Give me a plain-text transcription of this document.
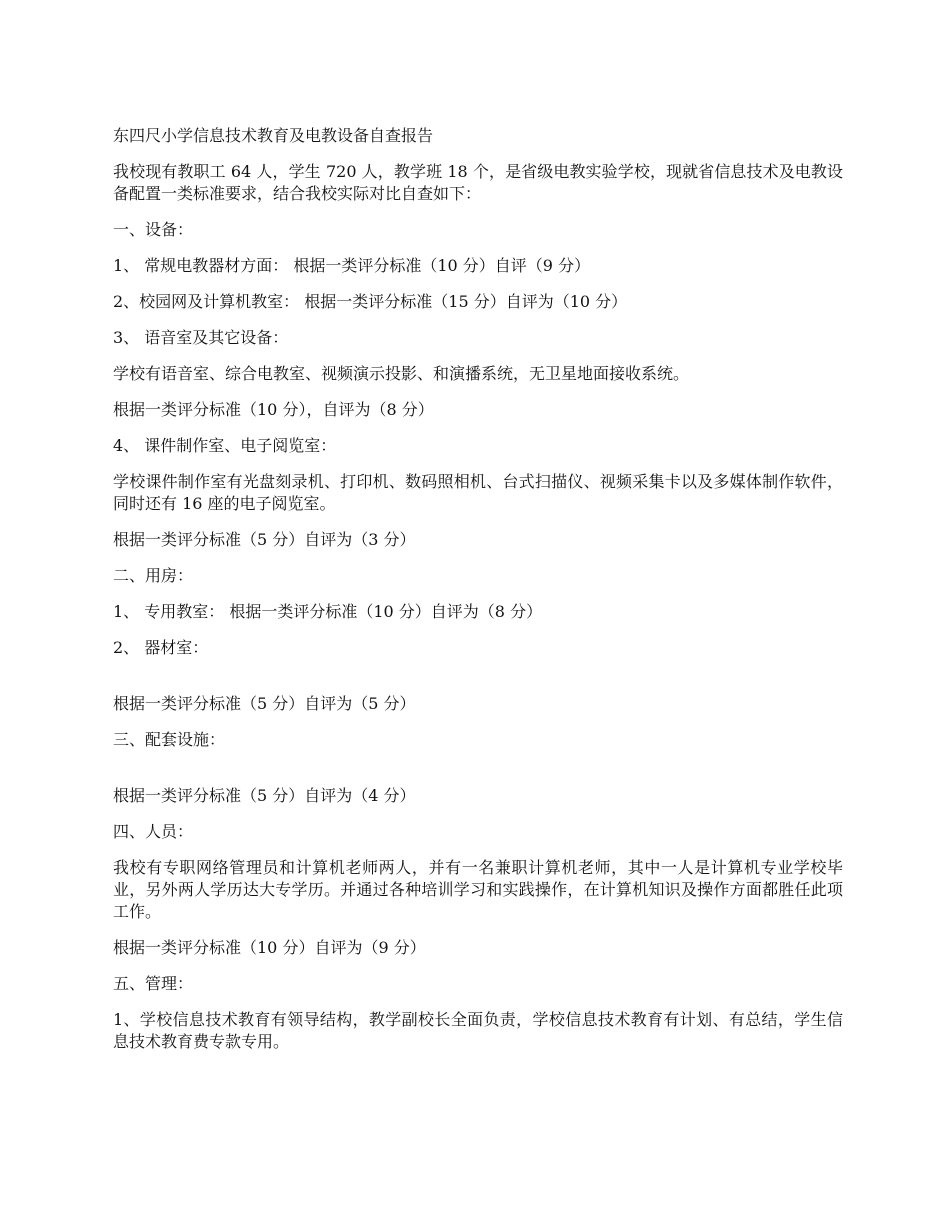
东四尺小学信息技术教育及电教设备自查报告

我校现有教职工 64 人，学生 720 人，教学班 18 个，是省级电教实验学校，现就省信息技术及电教设备配置一类标准要求，结合我校实际对比自查如下：

一、设备：

1、 常规电教器材方面： 根据一类评分标准（10 分）自评（9 分）

2、校园网及计算机教室： 根据一类评分标准（15 分）自评为（10 分）

3、 语音室及其它设备：

学校有语音室、综合电教室、视频演示投影、和演播系统，无卫星地面接收系统。

根据一类评分标准（10 分），自评为（8 分）

4、 课件制作室、电子阅览室：

学校课件制作室有光盘刻录机、打印机、数码照相机、台式扫描仪、视频采集卡以及多媒体制作软件，同时还有 16 座的电子阅览室。

根据一类评分标准（5 分）自评为（3 分）

二、用房：

1、 专用教室： 根据一类评分标准（10 分）自评为（8 分）

2、 器材室：

根据一类评分标准（5 分）自评为（5 分）

三、配套设施：

根据一类评分标准（5 分）自评为（4 分）

四、人员：

我校有专职网络管理员和计算机老师两人，并有一名兼职计算机老师，其中一人是计算机专业学校毕业，另外两人学历达大专学历。并通过各种培训学习和实践操作，在计算机知识及操作方面都胜任此项工作。

根据一类评分标准（10 分）自评为（9 分）

五、管理：

1、学校信息技术教育有领导结构，教学副校长全面负责，学校信息技术教育有计划、有总结，学生信息技术教育费专款专用。
